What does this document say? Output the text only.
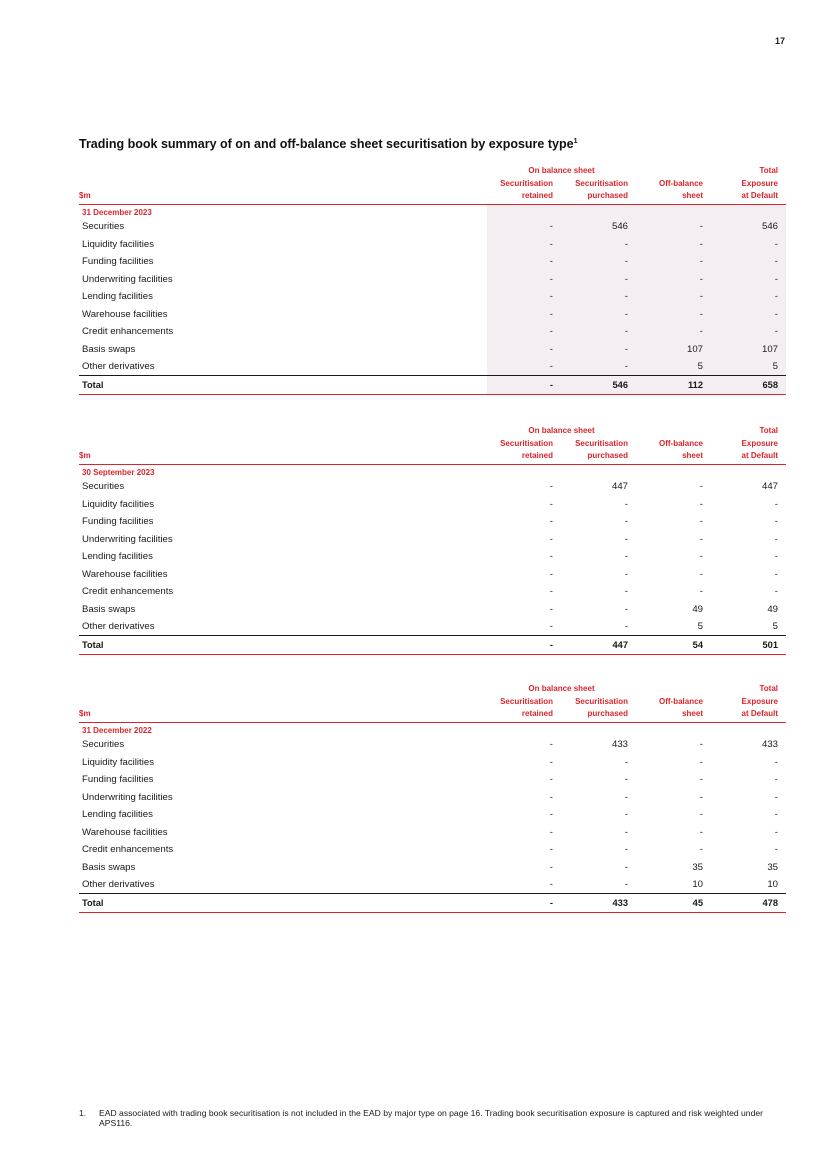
17
Trading book summary of on and off-balance sheet securitisation by exposure type$^1$
	On balance sheet			Total
	Securitisation	Securitisation	Off-balance	Exposure
$m	retained	purchased	sheet	at Default
31 December 2023				
Securities	-	546	-	546
Liquidity facilities	-	-	-	-
Funding facilities	-	-	-	-
Underwriting facilities	-	-	-	-
Lending facilities	-	-	-	-
Warehouse facilities	-	-	-	-
Credit enhancements	-	-	-	-
Basis swaps	-	-	107	107
Other derivatives	-	-	5	5
Total	-	546	112	658
	On balance sheet			Total
	Securitisation	Securitisation	Off-balance	Exposure
$m	retained	purchased	sheet	at Default
30 September 2023				
Securities	-	447	-	447
Liquidity facilities	-	-	-	-
Funding facilities	-	-	-	-
Underwriting facilities	-	-	-	-
Lending facilities	-	-	-	-
Warehouse facilities	-	-	-	-
Credit enhancements	-	-	-	-
Basis swaps	-	-	49	49
Other derivatives	-	-	5	5
Total	-	447	54	501
	On balance sheet			Total
	Securitisation	Securitisation	Off-balance	Exposure
$m	retained	purchased	sheet	at Default
31 December 2022				
Securities	-	433	-	433
Liquidity facilities	-	-	-	-
Funding facilities	-	-	-	-
Underwriting facilities	-	-	-	-
Lending facilities	-	-	-	-
Warehouse facilities	-	-	-	-
Credit enhancements	-	-	-	-
Basis swaps	-	-	35	35
Other derivatives	-	-	10	10
Total	-	433	45	478
1.	EAD associated with trading book securitisation is not included in the EAD by major type on page 16. Trading book securitisation exposure is captured and risk weighted under APS116.
